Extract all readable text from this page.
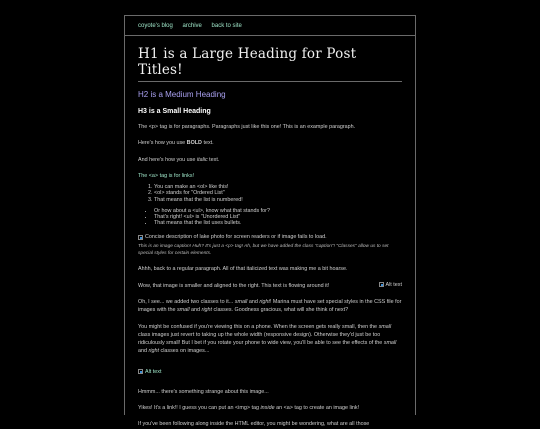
coyote's blog archive back to site
H1 is a Large Heading for Post Titles!
H2 is a Medium Heading
H3 is a Small Heading

The <p> tag is for paragraphs. Paragraphs just like this one! This is an example paragraph.

Here's how you use BOLD text.

And here's how you use italic text.

The <a> tag is for links!

1. You can make an <ol> like this!
2. <ol> stands for "Ordered List"
3. That means that the list is numbered!
• Or how about a <ul>, know what that stands for?
• That's right! <ul> is "Unordered List"
• That means that the list uses bullets.
Concise description of lake photo for screen readers or if image fails to load.
This is an image caption! Huh? It's just a <p> tag! Ah, but we have added the class "caption"! "Classes" allow us to set special styles for certain elements.

Ahhh, back to a regular paragraph. All of that italicized text was making me a bit hoarse.

Alt text

Wow, that image is smaller and aligned to the right. This text is flowing around it!

Oh, I see... we added two classes to it... small and right! Marina must have set special styles in the CSS file for images with the small and right classes. Goodness gracious, what will she think of next?

You might be confused if you're viewing this on a phone. When the screen gets really small, then the small class images just revert to taking up the whole width (responsive design). Otherwise they'd just be too ridiculously small! But I bet if you rotate your phone to wide view, you'll be able to see the effects of the small and right classes on images...

Alt text

Hmmm... there's something strange about this image...

Yikes! It's a link!! I guess you can put an <img> tag inside an <a> tag to create an image link!

If you've been following along inside the HTML editor, you might be wondering, what are all those
